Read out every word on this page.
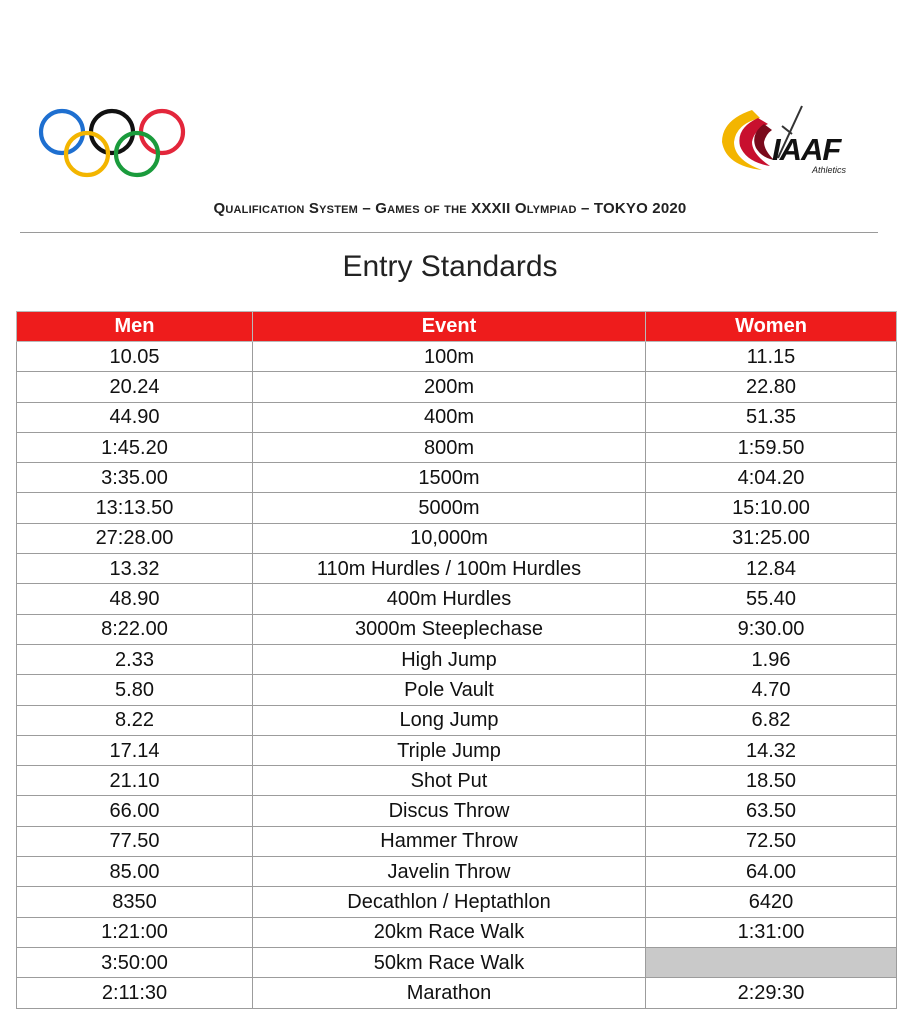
IAAF
Athletics
Qualification System – Games of the XXXII Olympiad – TOKYO 2020
Entry Standards
Men	Event	Women
10.05	100m	11.15
20.24	200m	22.80
44.90	400m	51.35
1:45.20	800m	1:59.50
3:35.00	1500m	4:04.20
13:13.50	5000m	15:10.00
27:28.00	10,000m	31:25.00
13.32	110m Hurdles / 100m Hurdles	12.84
48.90	400m Hurdles	55.40
8:22.00	3000m Steeplechase	9:30.00
2.33	High Jump	1.96
5.80	Pole Vault	4.70
8.22	Long Jump	6.82
17.14	Triple Jump	14.32
21.10	Shot Put	18.50
66.00	Discus Throw	63.50
77.50	Hammer Throw	72.50
85.00	Javelin Throw	64.00
8350	Decathlon / Heptathlon	6420
1:21:00	20km Race Walk	1:31:00
3:50:00	50km Race Walk	
2:11:30	Marathon	2:29:30
